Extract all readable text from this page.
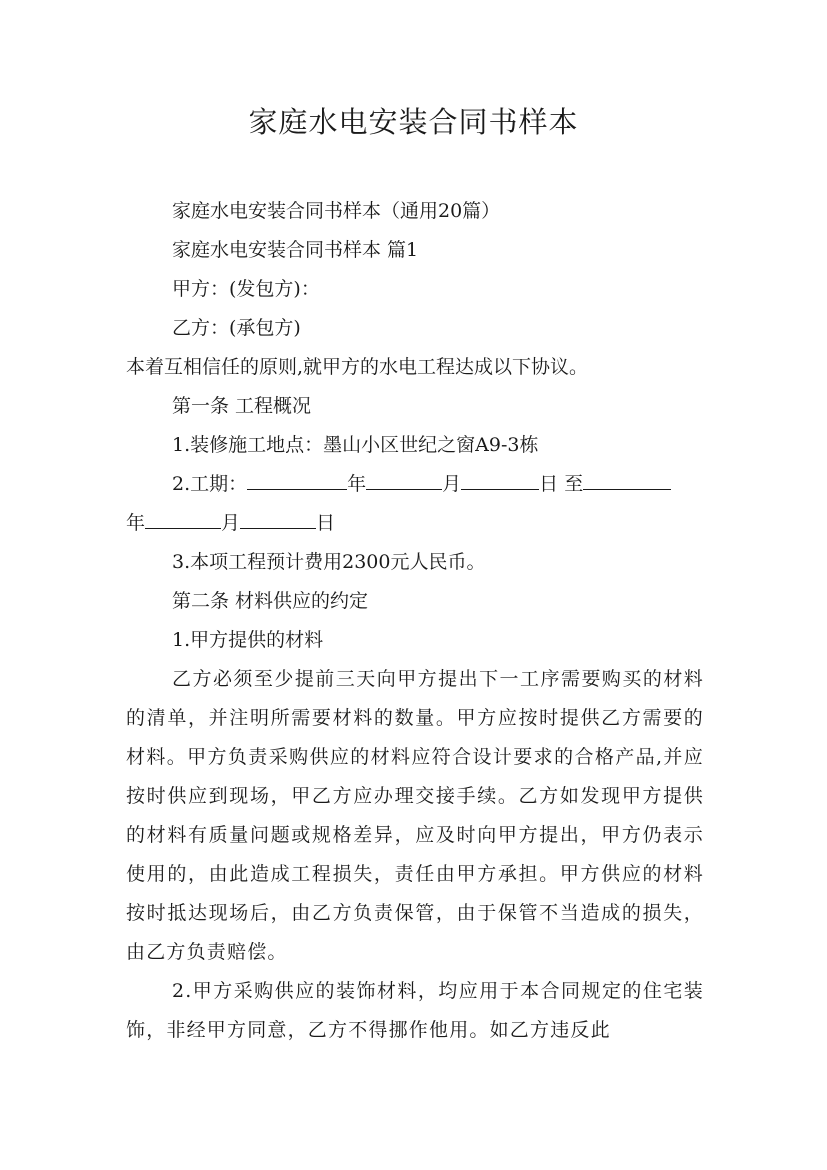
家庭水电安装合同书样本
家庭水电安装合同书样本（通用20篇）
家庭水电安装合同书样本 篇1
甲方：(发包方)：
乙方：(承包方)
本着互相信任的原则,就甲方的水电工程达成以下协议。
第一条 工程概况
1.装修施工地点：墨山小区世纪之窗A9-3栋
2.工期：	年	月	日 至
年	月	日
3.本项工程预计费用2300元人民币。
第二条 材料供应的约定
1.甲方提供的材料
乙方必须至少提前三天向甲方提出下一工序需要购买的材料的清单，并注明所需要材料的数量。甲方应按时提供乙方需要的材料。甲方负责采购供应的材料应符合设计要求的合格产品,并应按时供应到现场，甲乙方应办理交接手续。乙方如发现甲方提供的材料有质量问题或规格差异，应及时向甲方提出，甲方仍表示使用的，由此造成工程损失，责任由甲方承担。甲方供应的材料按时抵达现场后，由乙方负责保管，由于保管不当造成的损失，由乙方负责赔偿。
2.甲方采购供应的装饰材料，均应用于本合同规定的住宅装饰，非经甲方同意，乙方不得挪作他用。如乙方违反此
